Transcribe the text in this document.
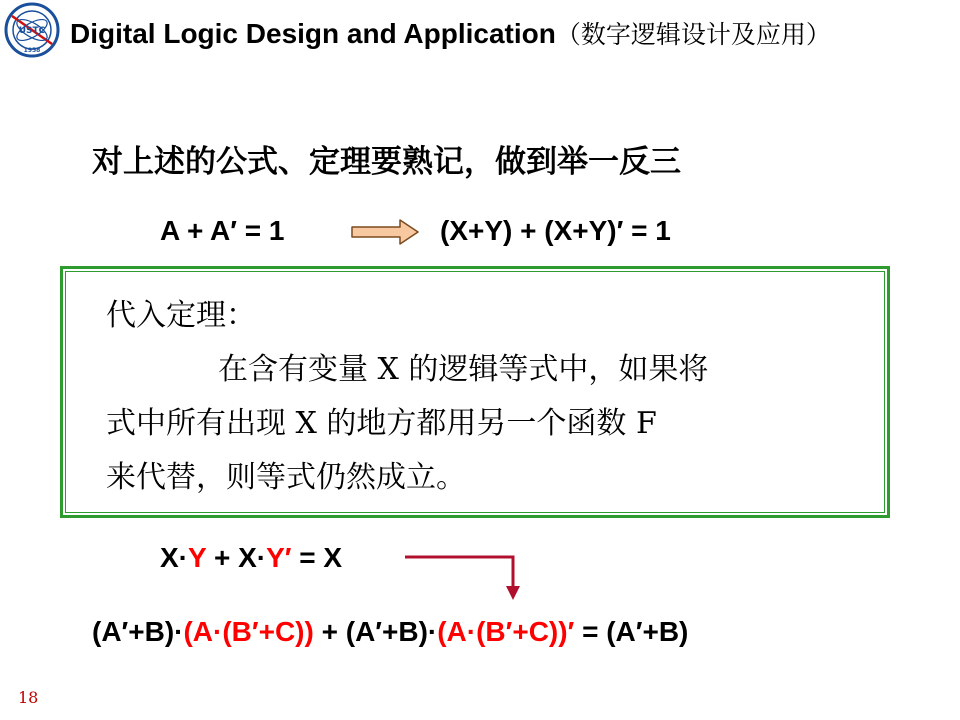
USTC
1958
Digital Logic Design and Application（数字逻辑设计及应用）
对上述的公式、定理要熟记，做到举一反三
A + A′ = 1	(X+Y) + (X+Y)′ = 1
代入定理：
在含有变量 X 的逻辑等式中，如果将
式中所有出现 X 的地方都用另一个函数 F
来代替，则等式仍然成立。
X·Y + X·Y′ = X
(A′+B)·(A·(B′+C)) + (A′+B)·(A·(B′+C))′ = (A′+B)
18
